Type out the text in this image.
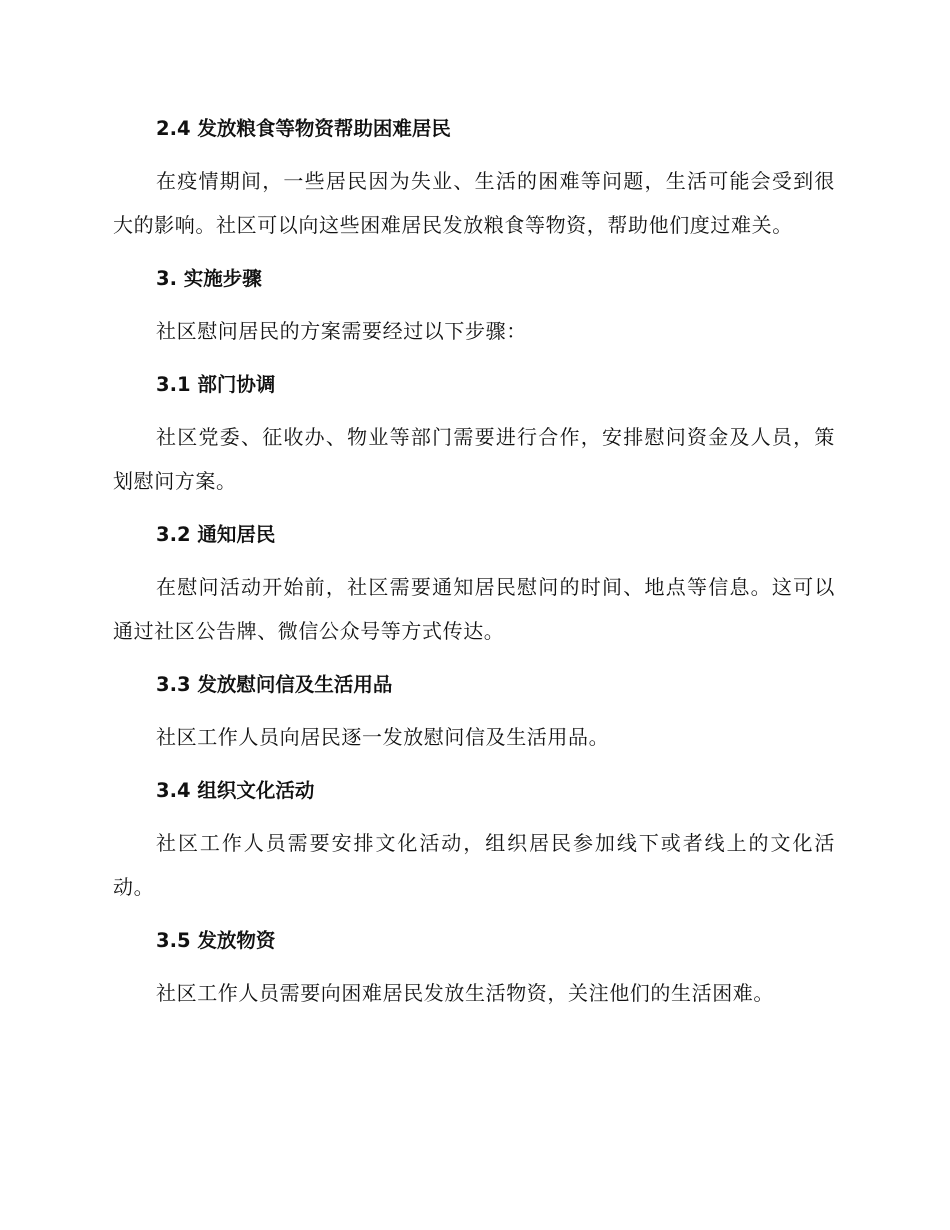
2.4 发放粮食等物资帮助困难居民

在疫情期间，一些居民因为失业、生活的困难等问题，生活可能会受到很大的影响。社区可以向这些困难居民发放粮食等物资，帮助他们度过难关。

3. 实施步骤

社区慰问居民的方案需要经过以下步骤：

3.1 部门协调

社区党委、征收办、物业等部门需要进行合作，安排慰问资金及人员，策划慰问方案。

3.2 通知居民

在慰问活动开始前，社区需要通知居民慰问的时间、地点等信息。这可以通过社区公告牌、微信公众号等方式传达。

3.3 发放慰问信及生活用品

社区工作人员向居民逐一发放慰问信及生活用品。

3.4 组织文化活动

社区工作人员需要安排文化活动，组织居民参加线下或者线上的文化活动。

3.5 发放物资

社区工作人员需要向困难居民发放生活物资，关注他们的生活困难。
